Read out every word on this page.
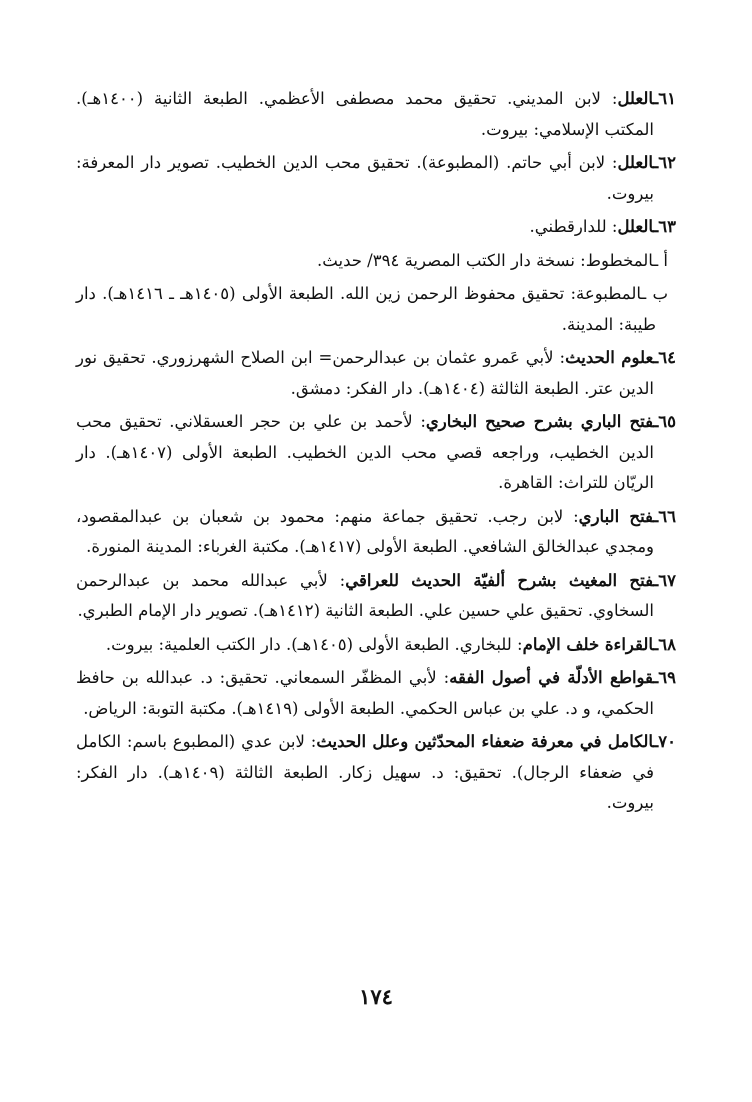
٦١ـالعلل: لابن المديني. تحقيق محمد مصطفى الأعظمي. الطبعة الثانية (١٤٠٠هـ). المكتب الإسلامي: بيروت.

٦٢ـالعلل: لابن أبي حاتم. (المطبوعة). تحقيق محب الدين الخطيب. تصوير دار المعرفة: بيروت.

٦٣ـالعلل: للدارقطني.

أ ـالمخطوط: نسخة دار الكتب المصرية ٣٩٤/ حديث.

ب ـالمطبوعة: تحقيق محفوظ الرحمن زين الله. الطبعة الأولى (١٤٠٥هـ ـ ١٤١٦هـ). دار طيبة: المدينة.

٦٤ـعلوم الحديث: لأبي عَمرو عثمان بن عبدالرحمن= ابن الصلاح الشهرزوري. تحقيق نور الدين عتر. الطبعة الثالثة (١٤٠٤هـ). دار الفكر: دمشق.

٦٥ـفتح الباري بشرح صحيح البخاري: لأحمد بن علي بن حجر العسقلاني. تحقيق محب الدين الخطيب، وراجعه قصي محب الدين الخطيب. الطبعة الأولى (١٤٠٧هـ). دار الريّان للتراث: القاهرة.

٦٦ـفتح الباري: لابن رجب. تحقيق جماعة منهم: محمود بن شعبان بن عبدالمقصود، ومجدي عبدالخالق الشافعي. الطبعة الأولى (١٤١٧هـ). مكتبة الغرباء: المدينة المنورة.

٦٧ـفتح المغيث بشرح ألفيّة الحديث للعراقي: لأبي عبدالله محمد بن عبدالرحمن السخاوي. تحقيق علي حسين علي. الطبعة الثانية (١٤١٢هـ). تصوير دار الإمام الطبري.

٦٨ـالقراءة خلف الإمام: للبخاري. الطبعة الأولى (١٤٠٥هـ). دار الكتب العلمية: بيروت.

٦٩ـقواطع الأدلّة في أصول الفقه: لأبي المظفّر السمعاني. تحقيق: د. عبدالله بن حافظ الحكمي، و د. علي بن عباس الحكمي. الطبعة الأولى (١٤١٩هـ). مكتبة التوبة: الرياض.

٧٠ـالكامل في معرفة ضعفاء المحدّثين وعلل الحديث: لابن عدي (المطبوع باسم: الكامل في ضعفاء الرجال). تحقيق: د. سهيل زكار. الطبعة الثالثة (١٤٠٩هـ). دار الفكر: بيروت.

١٧٤
